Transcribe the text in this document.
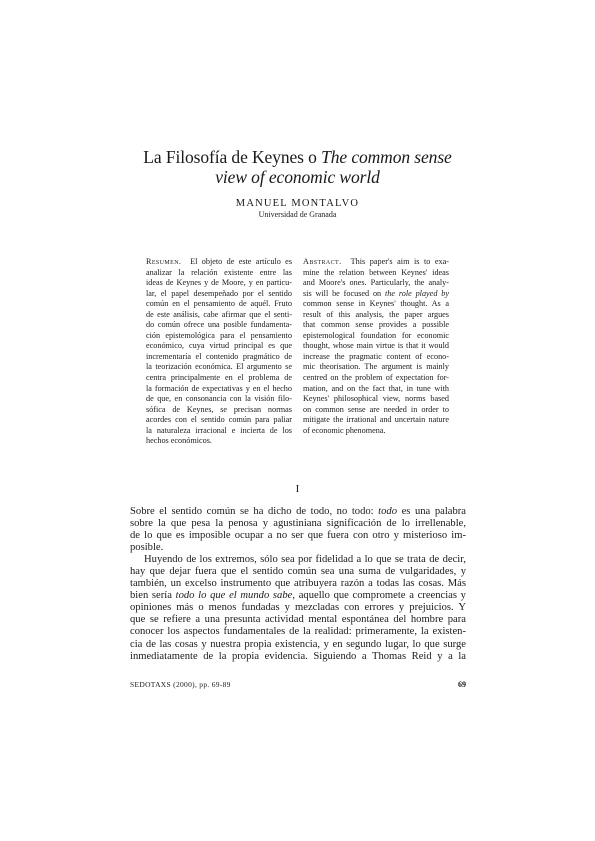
La Filosofía de Keynes o The common sense
view of economic world
MANUEL MONTALVO
Universidad de Granada
Resumen. El objeto de este artículo es
analizar la relación existente entre las
ideas de Keynes y de Moore, y en particu-
lar, el papel desempeñado por el sentido
común en el pensamiento de aquél. Fruto
de este análisis, cabe afirmar que el senti-
do común ofrece una posible fundamenta-
ción epistemológica para el pensamiento
económico, cuya virtud principal es que
incrementaría el contenido pragmático de
la teorización económica. El argumento se
centra principalmente en el problema de
la formación de expectativas y en el hecho
de que, en consonancia con la visión filo-
sófica de Keynes, se precisan normas
acordes con el sentido común para paliar
la naturaleza irracional e incierta de los
hechos económicos.
Abstract. This paper's aim is to exa-
mine the relation between Keynes' ideas
and Moore's ones. Particularly, the analy-
sis will be focused on the role played by
common sense in Keynes' thought. As a
result of this analysis, the paper argues
that common sense provides a possible
epistemological foundation for economic
thought, whose main virtue is that it would
increase the pragmatic content of econo-
mic theorisation. The argument is mainly
centred on the problem of expectation for-
mation, and on the fact that, in tune with
Keynes' philosophical view, norms based
on common sense are needed in order to
mitigate the irrational and uncertain nature
of economic phenomena.
I
Sobre el sentido común se ha dicho de todo, no todo: todo es una palabra
sobre la que pesa la penosa y agustiniana significación de lo irrellenable,
de lo que es imposible ocupar a no ser que fuera con otro y misterioso im-
posible.
Huyendo de los extremos, sólo sea por fidelidad a lo que se trata de decir,
hay que dejar fuera que el sentido común sea una suma de vulgaridades, y
también, un excelso instrumento que atribuyera razón a todas las cosas. Más
bien sería todo lo que el mundo sabe, aquello que compromete a creencias y
opiniones más o menos fundadas y mezcladas con errores y prejuicios. Y
que se refiere a una presunta actividad mental espontánea del hombre para
conocer los aspectos fundamentales de la realidad: primeramente, la existen-
cia de las cosas y nuestra propia existencia, y en segundo lugar, lo que surge
inmediatamente de la propia evidencia. Siguiendo a Thomas Reid y a la
SEDOTAXS (2000), pp. 69-89	69
